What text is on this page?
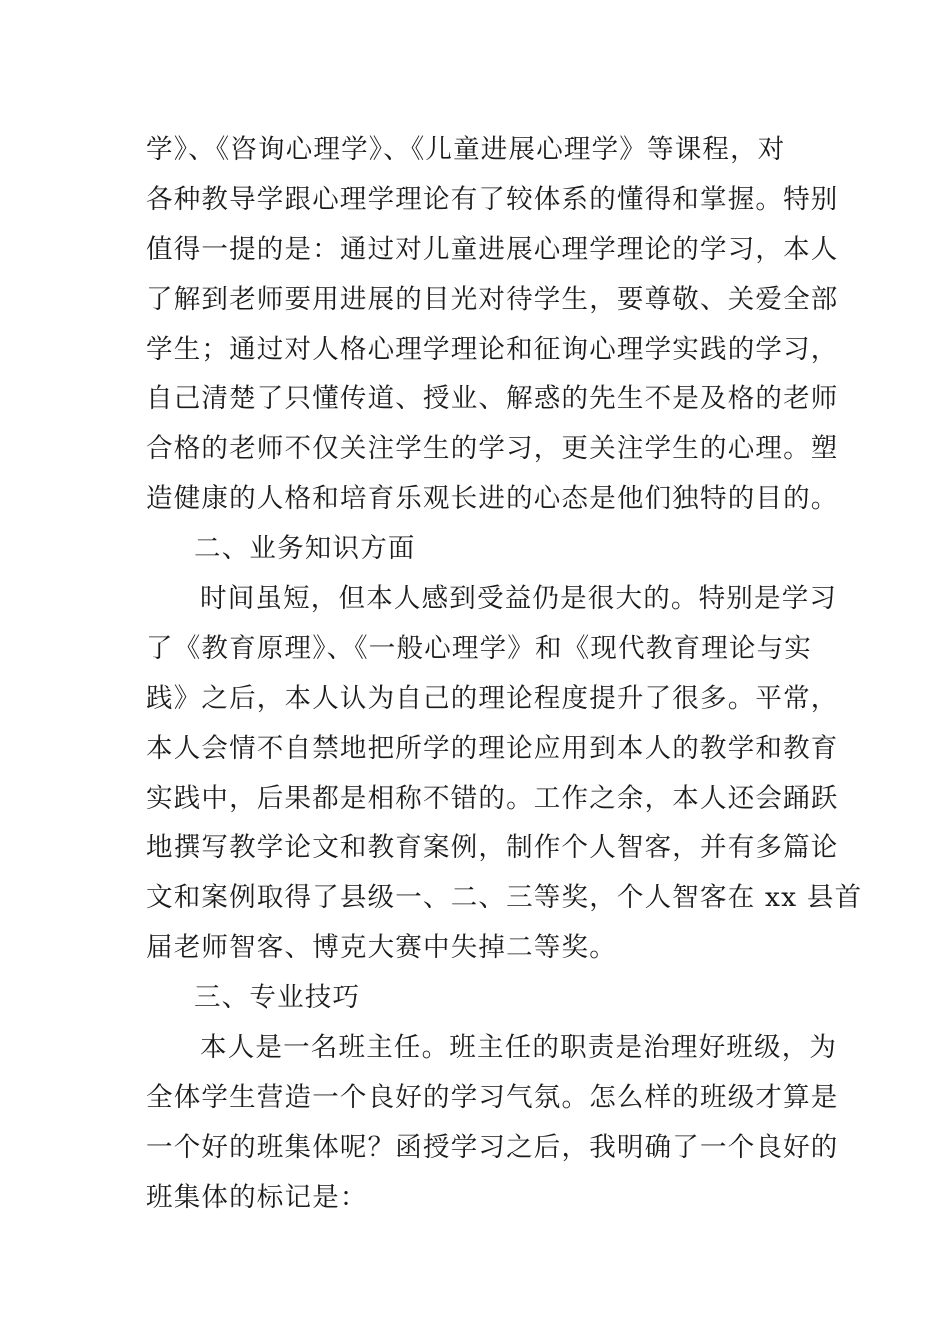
学》、《咨询心理学》、《儿童进展心理学》等课程，对
各种教导学跟心理学理论有了较体系的懂得和掌握。特别
值得一提的是：通过对儿童进展心理学理论的学习，本人
了解到老师要用进展的目光对待学生，要尊敬、关爱全部
学生；通过对人格心理学理论和征询心理学实践的学习，
自己清楚了只懂传道、授业、解惑的先生不是及格的老师
合格的老师不仅关注学生的学习，更关注学生的心理。塑
造健康的人格和培育乐观长进的心态是他们独特的目的。
二、业务知识方面
时间虽短，但本人感到受益仍是很大的。特别是学习
了《教育原理》、《一般心理学》和《现代教育理论与实
践》之后，本人认为自己的理论程度提升了很多。平常，
本人会情不自禁地把所学的理论应用到本人的教学和教育
实践中，后果都是相称不错的。工作之余，本人还会踊跃
地撰写教学论文和教育案例，制作个人智客，并有多篇论
文和案例取得了县级一、二、三等奖，个人智客在 xx 县首
届老师智客、博克大赛中失掉二等奖。
三、专业技巧
本人是一名班主任。班主任的职责是治理好班级，为
全体学生营造一个良好的学习气氛。怎么样的班级才算是
一个好的班集体呢？函授学习之后，我明确了一个良好的
班集体的标记是：
